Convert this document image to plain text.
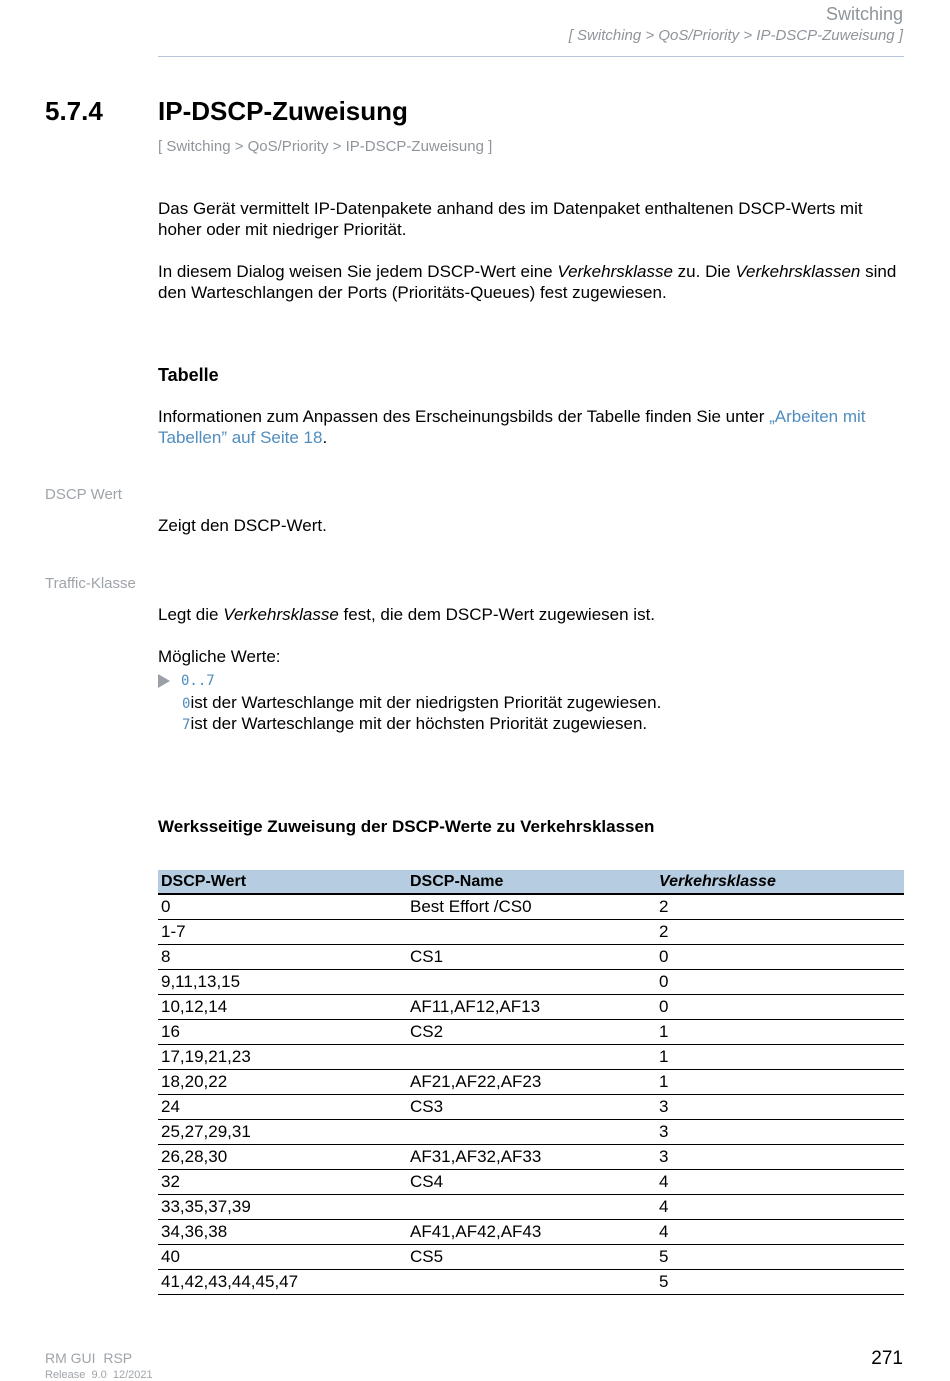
Switching
[ Switching > QoS/Priority > IP-DSCP-Zuweisung ]
5.7.4 IP-DSCP-Zuweisung
[ Switching > QoS/Priority > IP-DSCP-Zuweisung ]
Das Gerät vermittelt IP-Datenpakete anhand des im Datenpaket enthaltenen DSCP-Werts mit hoher oder mit niedriger Priorität.
In diesem Dialog weisen Sie jedem DSCP-Wert eine Verkehrsklasse zu. Die Verkehrsklassen sind den Warteschlangen der Ports (Prioritäts-Queues) fest zugewiesen.
Tabelle
Informationen zum Anpassen des Erscheinungsbilds der Tabelle finden Sie unter „Arbeiten mit Tabellen” auf Seite 18.
DSCP Wert
Zeigt den DSCP-Wert.
Traffic-Klasse
Legt die Verkehrsklasse fest, die dem DSCP-Wert zugewiesen ist.
Mögliche Werte:
0..7
0ist der Warteschlange mit der niedrigsten Priorität zugewiesen.
7ist der Warteschlange mit der höchsten Priorität zugewiesen.
Werksseitige Zuweisung der DSCP-Werte zu Verkehrsklassen
DSCP-Wert	DSCP-Name	Verkehrsklasse
0	Best Effort /CS0	2
1-7		2
8	CS1	0
9,11,13,15		0
10,12,14	AF11,AF12,AF13	0
16	CS2	1
17,19,21,23		1
18,20,22	AF21,AF22,AF23	1
24	CS3	3
25,27,29,31		3
26,28,30	AF31,AF32,AF33	3
32	CS4	4
33,35,37,39		4
34,36,38	AF41,AF42,AF43	4
40	CS5	5
41,42,43,44,45,47		5
RM GUI  RSP
Release  9.0  12/2021
271
